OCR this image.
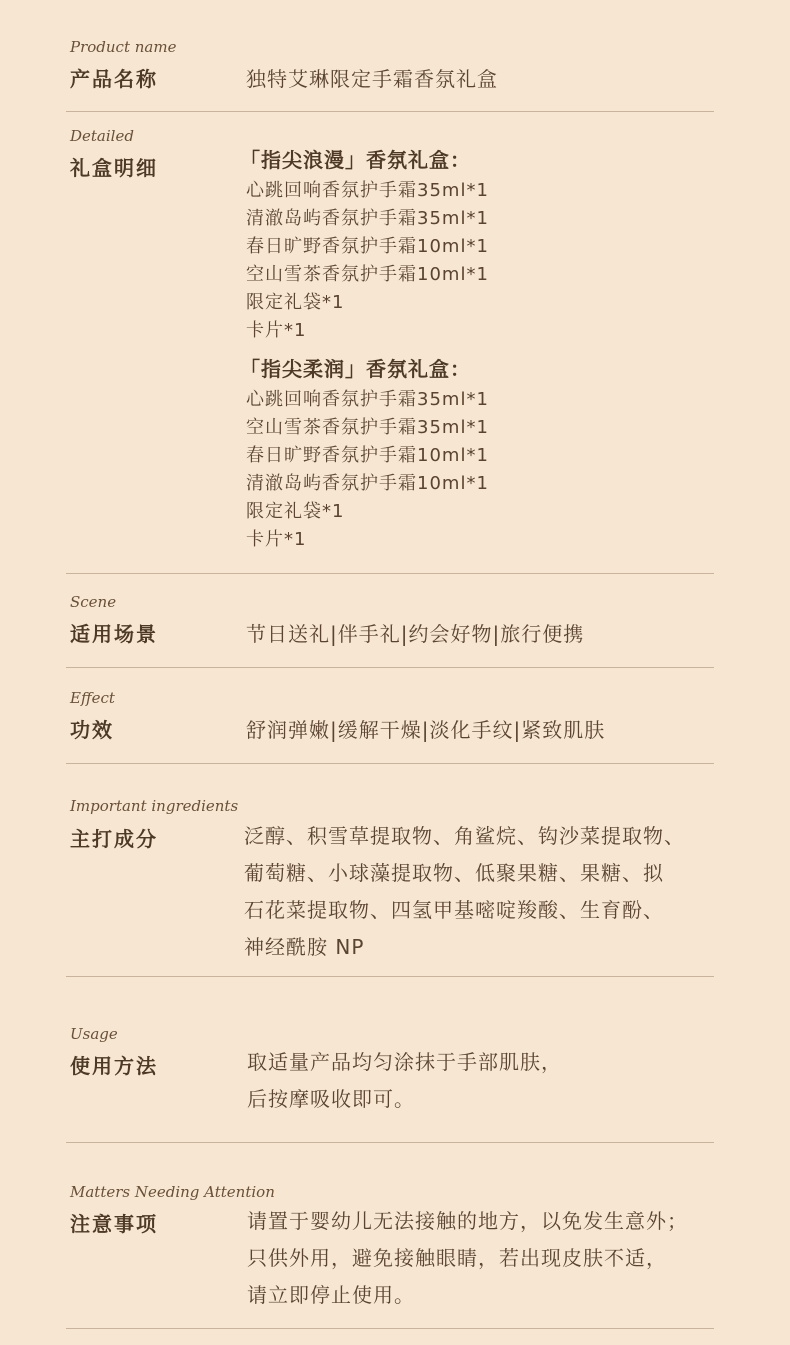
Product name
产品名称	独特艾琳限定手霜香氛礼盒
Detailed
礼盒明细	「指尖浪漫」香氛礼盒：
心跳回响香氛护手霜35ml*1
清澈岛屿香氛护手霜35ml*1
春日旷野香氛护手霜10ml*1
空山雪茶香氛护手霜10ml*1
限定礼袋*1
卡片*1
「指尖柔润」香氛礼盒：
心跳回响香氛护手霜35ml*1
空山雪茶香氛护手霜35ml*1
春日旷野香氛护手霜10ml*1
清澈岛屿香氛护手霜10ml*1
限定礼袋*1
卡片*1
Scene
适用场景	节日送礼|伴手礼|约会好物|旅行便携
Effect
功效	舒润弹嫩|缓解干燥|淡化手纹|紧致肌肤
Important ingredients
主打成分	泛醇、积雪草提取物、角鲨烷、钩沙菜提取物、
葡萄糖、小球藻提取物、低聚果糖、果糖、拟
石花菜提取物、四氢甲基嘧啶羧酸、生育酚、
神经酰胺 NP
Usage
使用方法	取适量产品均匀涂抹于手部肌肤，
后按摩吸收即可。
Matters Needing Attention
注意事项	请置于婴幼儿无法接触的地方，以免发生意外；
只供外用，避免接触眼睛，若出现皮肤不适，
请立即停止使用。
